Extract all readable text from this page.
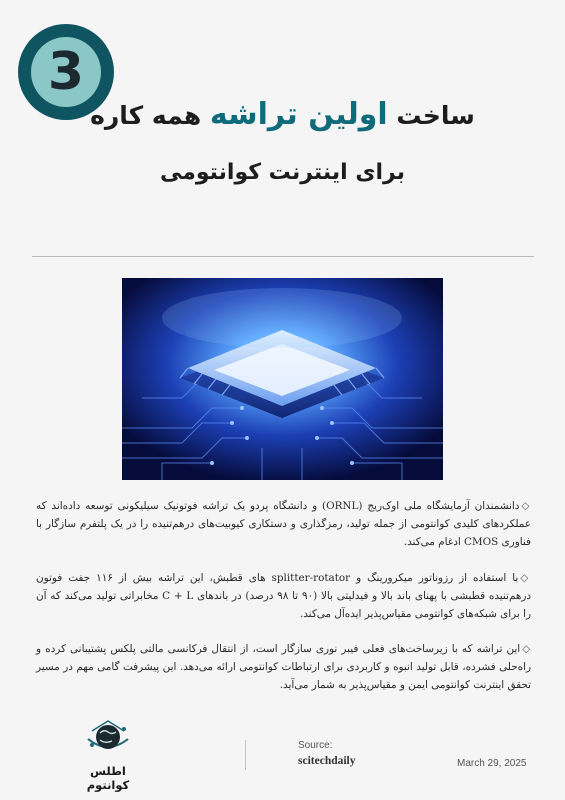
3
ساخت اولین تراشه همه کاره
برای اینترنت کوانتومی

◇دانشمندان آزمایشگاه ملی اوک‌ریج (ORNL) و دانشگاه پردو یک تراشه فوتونیک سیلیکونی توسعه داده‌اند که عملکردهای کلیدی کوانتومی از جمله تولید، رمزگذاری و دستکاری کیوبیت‌های درهم‌تنیده را در یک پلتفرم سازگار با فناوری CMOS ادغام می‌کند.

◇با استفاده از رزوناتور میکرورینگ و splitter-rotator های قطبش، این تراشه بیش از ۱۱۶ جفت فوتون درهم‌تنیده قطبشی با پهنای باند بالا و فیدلیتی بالا (۹۰ تا ۹۸ درصد) در باندهای C + L مخابراتی تولید می‌کند که آن را برای شبکه‌های کوانتومی مقیاس‌پذیر ایده‌آل می‌کند.

◇این تراشه که با زیرساخت‌های فعلی فیبر نوری سازگار است، از انتقال فرکانسی مالتی پلکس پشتیبانی کرده و راه‌حلی فشرده، قابل تولید انبوه و کاربردی برای ارتباطات کوانتومی ارائه می‌دهد. این پیشرفت گامی مهم در مسیر تحقق اینترنت کوانتومی ایمن و مقیاس‌پذیر به شمار می‌آید.

اطلس کوانتوم
Source:
scitechdaily	March 29, 2025
